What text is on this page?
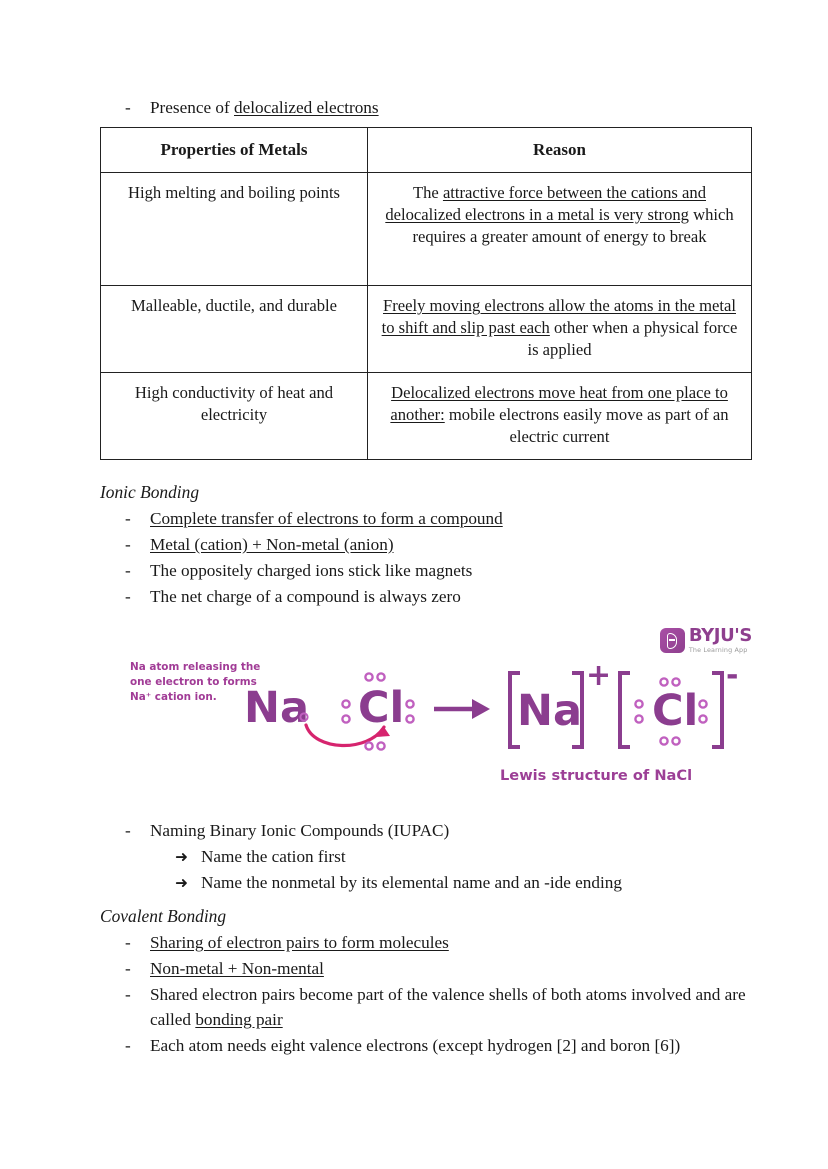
-	Presence of delocalized electrons
Properties of Metals	Reason
High melting and boiling points	The attractive force between the cations and delocalized electrons in a metal is very strong which requires a greater amount of energy to break
Malleable, ductile, and durable	Freely moving electrons allow the atoms in the metal to shift and slip past each other when a physical force is applied
High conductivity of heat and electricity	Delocalized electrons move heat from one place to another: mobile electrons easily move as part of an electric current
Ionic Bonding
-	Complete transfer of electrons to form a compound
-	Metal (cation) + Non-metal (anion)
-	The oppositely charged ions stick like magnets
-	The net charge of a compound is always zero
BYJU'S
The Learning App
Na atom releasing the
one electron to forms
Na⁺ cation ion. Na Cl	Na
+
Cl
-
Lewis structure of NaCl
-	Naming Binary Ionic Compounds (IUPAC)
➜ Name the cation first
➜ Name the nonmetal by its elemental name and an -ide ending
Covalent Bonding
-	Sharing of electron pairs to form molecules
-	Non-metal + Non-mental
-	Shared electron pairs become part of the valence shells of both atoms involved and are called bonding pair
-	Each atom needs eight valence electrons (except hydrogen [2] and boron [6])
